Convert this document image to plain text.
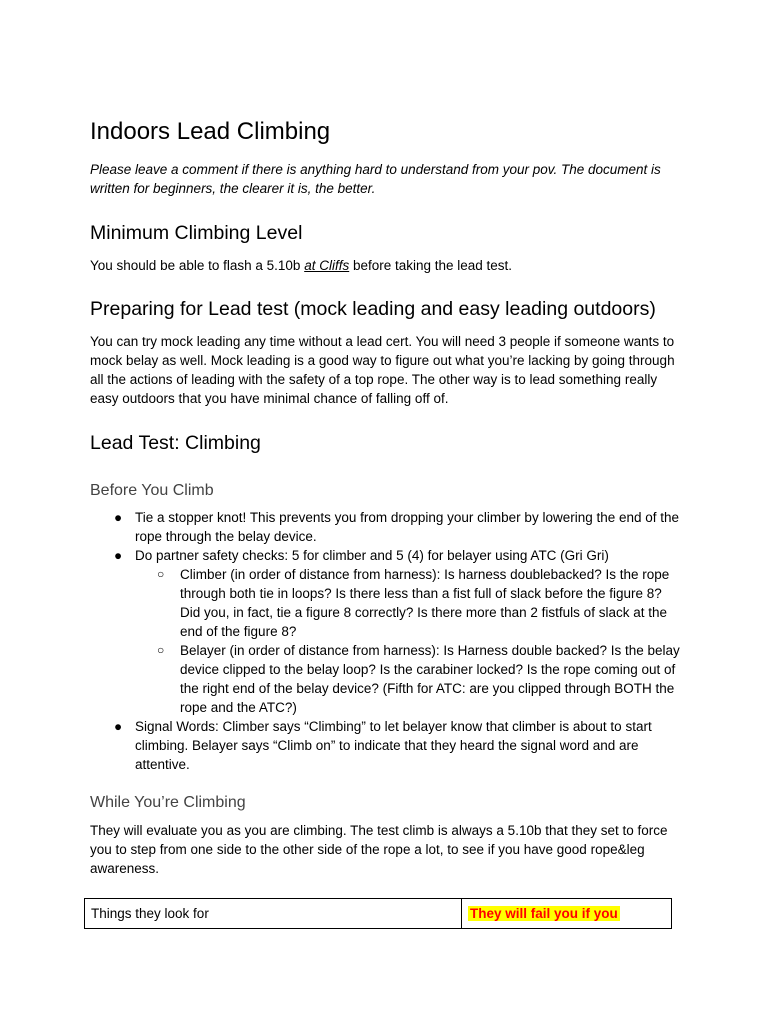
Indoors Lead Climbing

Please leave a comment if there is anything hard to understand from your pov. The document is written for beginners, the clearer it is, the better.

Minimum Climbing Level

You should be able to flash a 5.10b at Cliffs before taking the lead test.

Preparing for Lead test (mock leading and easy leading outdoors)

You can try mock leading any time without a lead cert. You will need 3 people if someone wants to mock belay as well. Mock leading is a good way to figure out what you’re lacking by going through all the actions of leading with the safety of a top rope. The other way is to lead something really easy outdoors that you have minimal chance of falling off of.

Lead Test: Climbing
Before You Climb
● Tie a stopper knot! This prevents you from dropping your climber by lowering the end of the rope through the belay device.
● Do partner safety checks: 5 for climber and 5 (4) for belayer using ATC (Gri Gri)
○ Climber (in order of distance from harness): Is harness doublebacked? Is the rope through both tie in loops? Is there less than a fist full of slack before the figure 8? Did you, in fact, tie a figure 8 correctly? Is there more than 2 fistfuls of slack at the end of the figure 8?
○ Belayer (in order of distance from harness): Is Harness double backed? Is the belay device clipped to the belay loop? Is the carabiner locked? Is the rope coming out of the right end of the belay device? (Fifth for ATC: are you clipped through BOTH the rope and the ATC?)
● Signal Words: Climber says “Climbing” to let belayer know that climber is about to start climbing. Belayer says “Climb on” to indicate that they heard the signal word and are attentive.
While You’re Climbing

They will evaluate you as you are climbing. The test climb is always a 5.10b that they set to force you to step from one side to the other side of the rope a lot, to see if you have good rope&leg awareness.

Things they look for	They will fail you if you
